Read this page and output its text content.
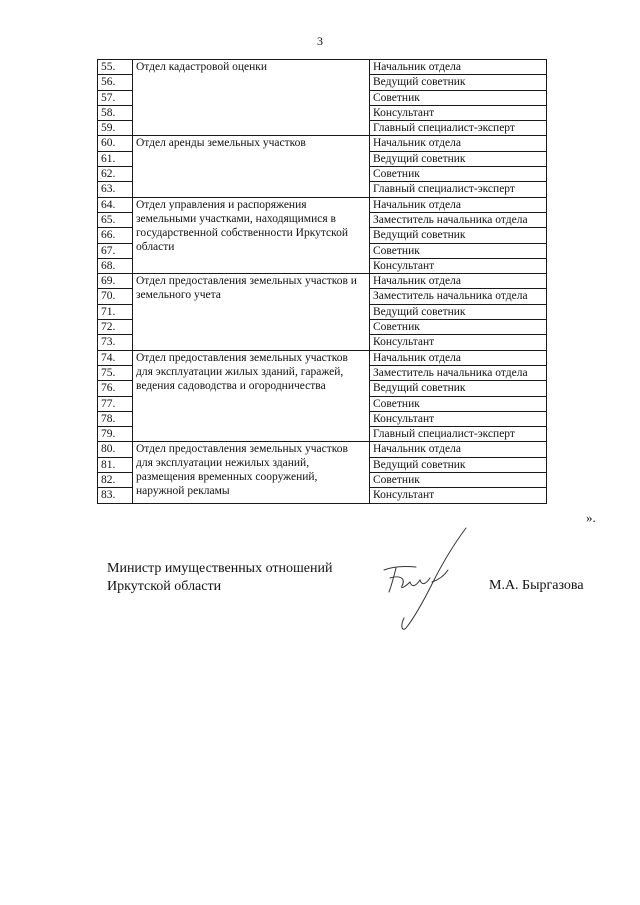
3
55.	Отдел кадастровой оценки	Начальник отдела
56.		Ведущий советник
57.		Советник
58.		Консультант
59.		Главный специалист-эксперт
60.	Отдел аренды земельных участков	Начальник отдела
61.		Ведущий советник
62.		Советник
63.		Главный специалист-эксперт
64.	Отдел управления и распоряжения земельными участками, находящимися в государственной собственности Иркутской области	Начальник отдела
65.		Заместитель начальника отдела
66.		Ведущий советник
67.		Советник
68.		Консультант
69.	Отдел предоставления земельных участков и земельного учета	Начальник отдела
70.		Заместитель начальника отдела
71.		Ведущий советник
72.		Советник
73.		Консультант
74.	Отдел предоставления земельных участков для эксплуатации жилых зданий, гаражей, ведения садоводства и огородничества	Начальник отдела
75.		Заместитель начальника отдела
76.		Ведущий советник
77.		Советник
78.		Консультант
79.		Главный специалист-эксперт
80.	Отдел предоставления земельных участков для эксплуатации нежилых зданий, размещения временных сооружений, наружной рекламы	Начальник отдела
81.		Ведущий советник
82.		Советник
83.		Консультант
».
Министр имущественных отношений
Иркутской области	М.А. Быргазова
